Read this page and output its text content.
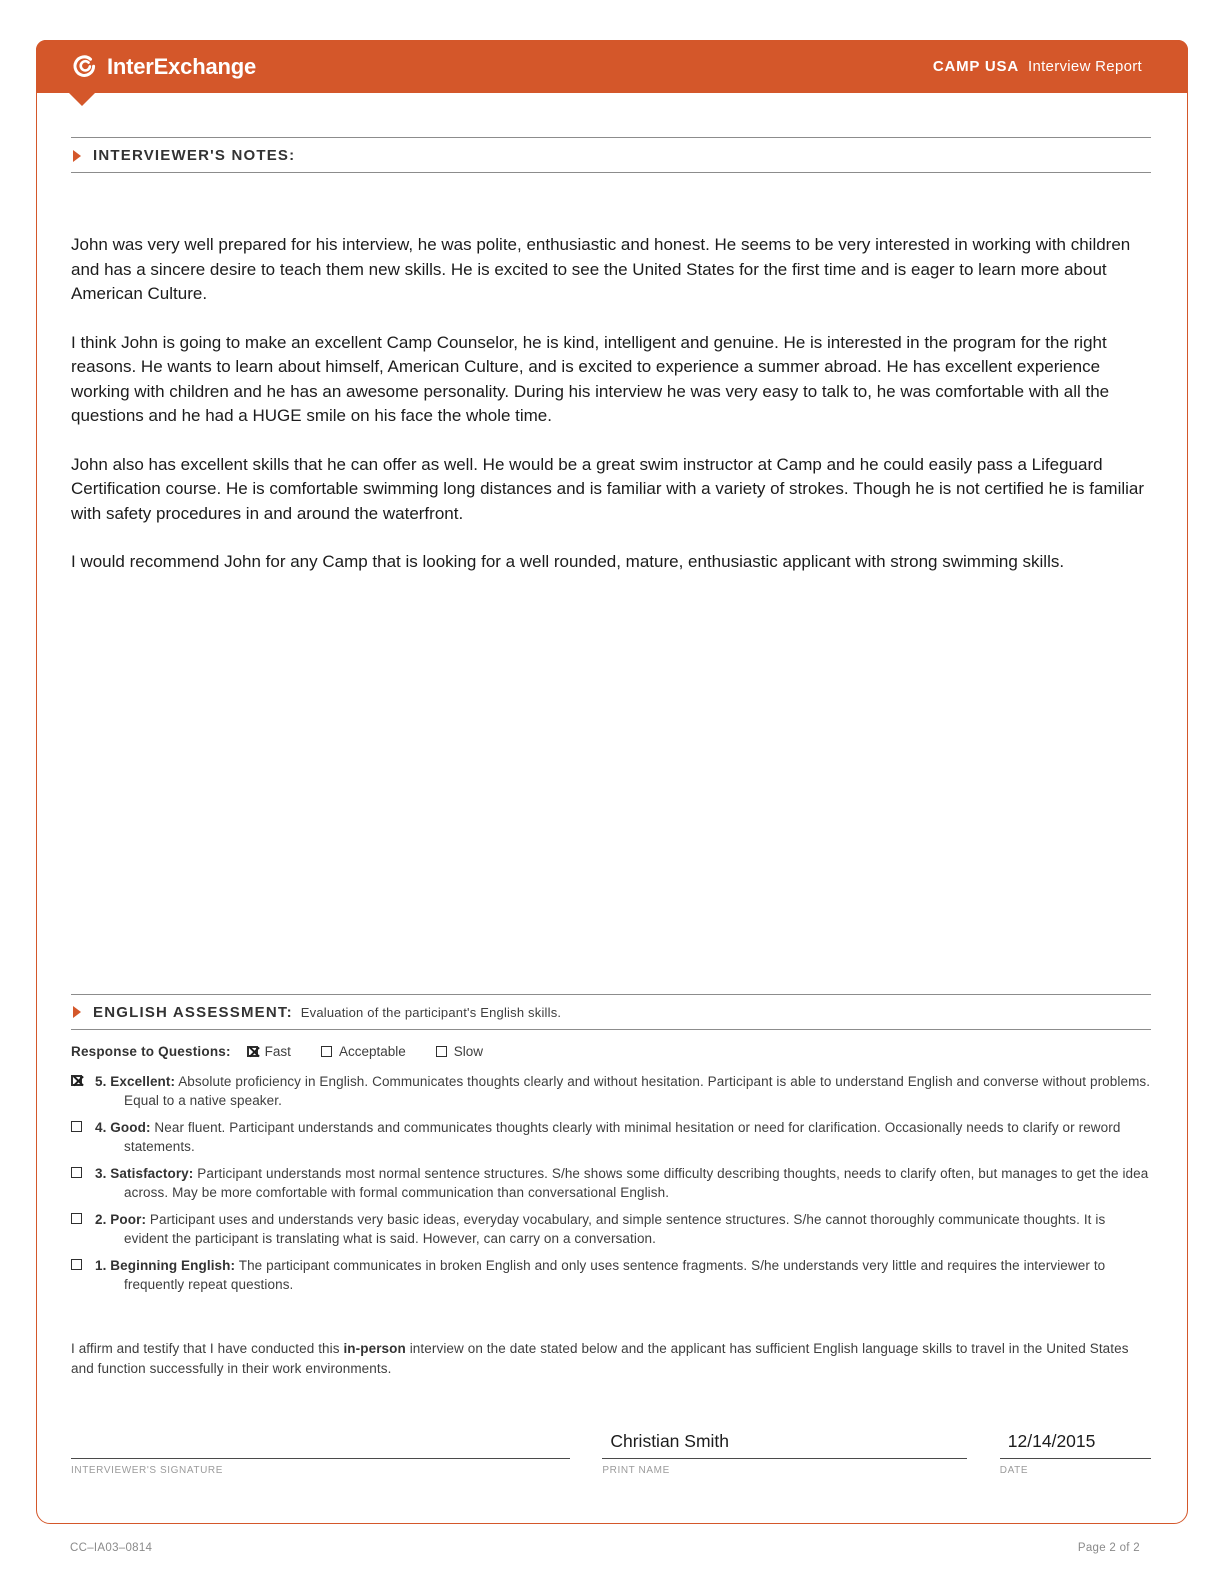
InterExchange	CAMP USA Interview Report
INTERVIEWER'S NOTES:

John was very well prepared for his interview, he was polite, enthusiastic and honest. He seems to be very interested in working with children and has a sincere desire to teach them new skills. He is excited to see the United States for the first time and is eager to learn more about American Culture.

I think John is going to make an excellent Camp Counselor, he is kind, intelligent and genuine. He is interested in the program for the right reasons. He wants to learn about himself, American Culture, and is excited to experience a summer abroad. He has excellent experience working with children and he has an awesome personality. During his interview he was very easy to talk to, he was comfortable with all the questions and he had a HUGE smile on his face the whole time.

John also has excellent skills that he can offer as well. He would be a great swim instructor at Camp and he could easily pass a Lifeguard Certification course. He is comfortable swimming long distances and is familiar with a variety of strokes. Though he is not certified he is familiar with safety procedures in and around the waterfront.

I would recommend John for any Camp that is looking for a well rounded, mature, enthusiastic applicant with strong swimming skills.

ENGLISH ASSESSMENT: Evaluation of the participant's English skills.
Response to Questions:	Fast	Acceptable	Slow
5. Excellent: Absolute proficiency in English. Communicates thoughts clearly and without hesitation. Participant is able to understand English and converse without problems. Equal to a native speaker.
4. Good: Near fluent. Participant understands and communicates thoughts clearly with minimal hesitation or need for clarification. Occasionally needs to clarify or reword statements.
3. Satisfactory: Participant understands most normal sentence structures. S/he shows some difficulty describing thoughts, needs to clarify often, but manages to get the idea across. May be more comfortable with formal communication than conversational English.
2. Poor: Participant uses and understands very basic ideas, everyday vocabulary, and simple sentence structures. S/he cannot thoroughly communicate thoughts. It is evident the participant is translating what is said. However, can carry on a conversation.
1. Beginning English: The participant communicates in broken English and only uses sentence fragments. S/he understands very little and requires the interviewer to frequently repeat questions.

I affirm and testify that I have conducted this in-person interview on the date stated below and the applicant has sufficient English language skills to travel in the United States and function successfully in their work environments.

INTERVIEWER'S SIGNATURE
Christian Smith
PRINT NAME
12/14/2015
DATE
CC–IA03–0814	Page 2 of 2
